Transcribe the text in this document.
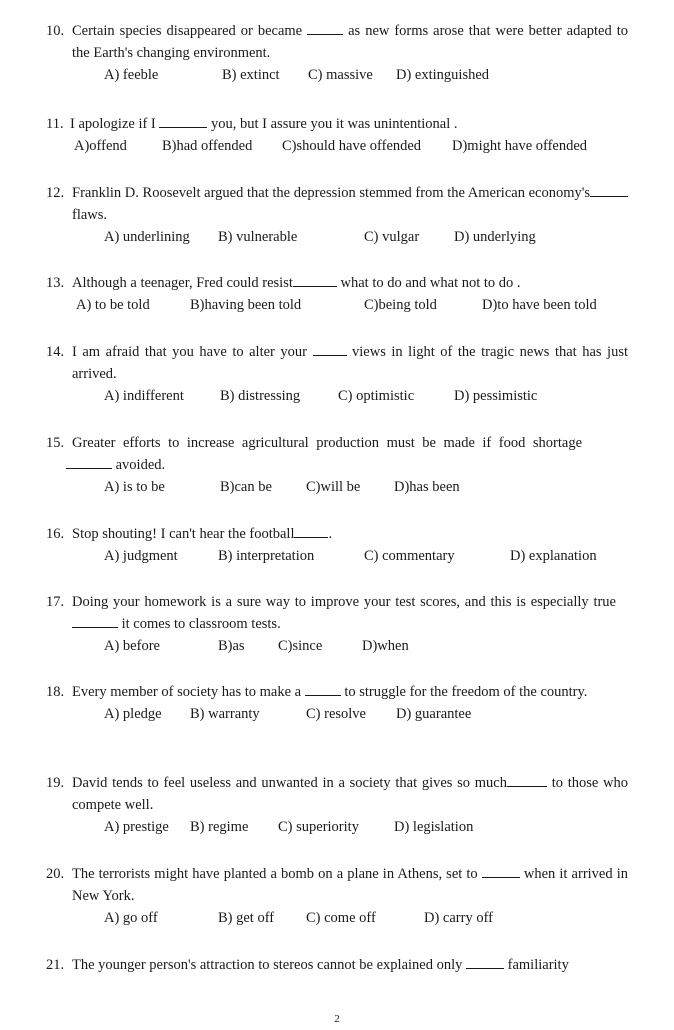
10. Certain species disappeared or became	as new forms arose that were better adapted to the Earth's changing environment.
A) feeble	B) extinct C) massive D) extinguished
11. I apologize if I	you, but I assure you it was unintentional .
A)offend B)had offended C)should have offended D)might have offended
12. Franklin D. Roosevelt argued that the depression stemmed from the American economy's flaws.
A) underlining B) vulnerable	C) vulgar D) underlying
13. Although a teenager, Fred could resist	what to do and what not to do .
A) to be told	B)having been told	C)being told	D)to have been told
14. I am afraid that you have to alter your	views in light of the tragic news that has just arrived.
A) indifferent B) distressing	C) optimistic	D) pessimistic
15. Greater efforts to increase agricultural production must be made if food shortage  avoided.
A) is to be	B)can be C)will be D)has been
16. Stop shouting! I can't hear the football .
A) judgment	B) interpretation	C) commentary	D) explanation
17. Doing your homework is a sure way to improve your test scores, and this is especially true it comes to classroom tests.
A) before	B)as C)since	D)when
18. Every member of society has to make a	to struggle for the freedom of the country.
A) pledge B) warranty	C) resolve D) guarantee
19. David tends to feel useless and unwanted in a society that gives so much	to those who compete well.
A) prestige B) regime C) superiority D) legislation
20. The terrorists might have planted a bomb on a plane in Athens, set to	when it arrived in New York.
A) go off	B) get off C) come off	D) carry off
21. The younger person's attraction to stereos cannot be explained only	familiarity
2
